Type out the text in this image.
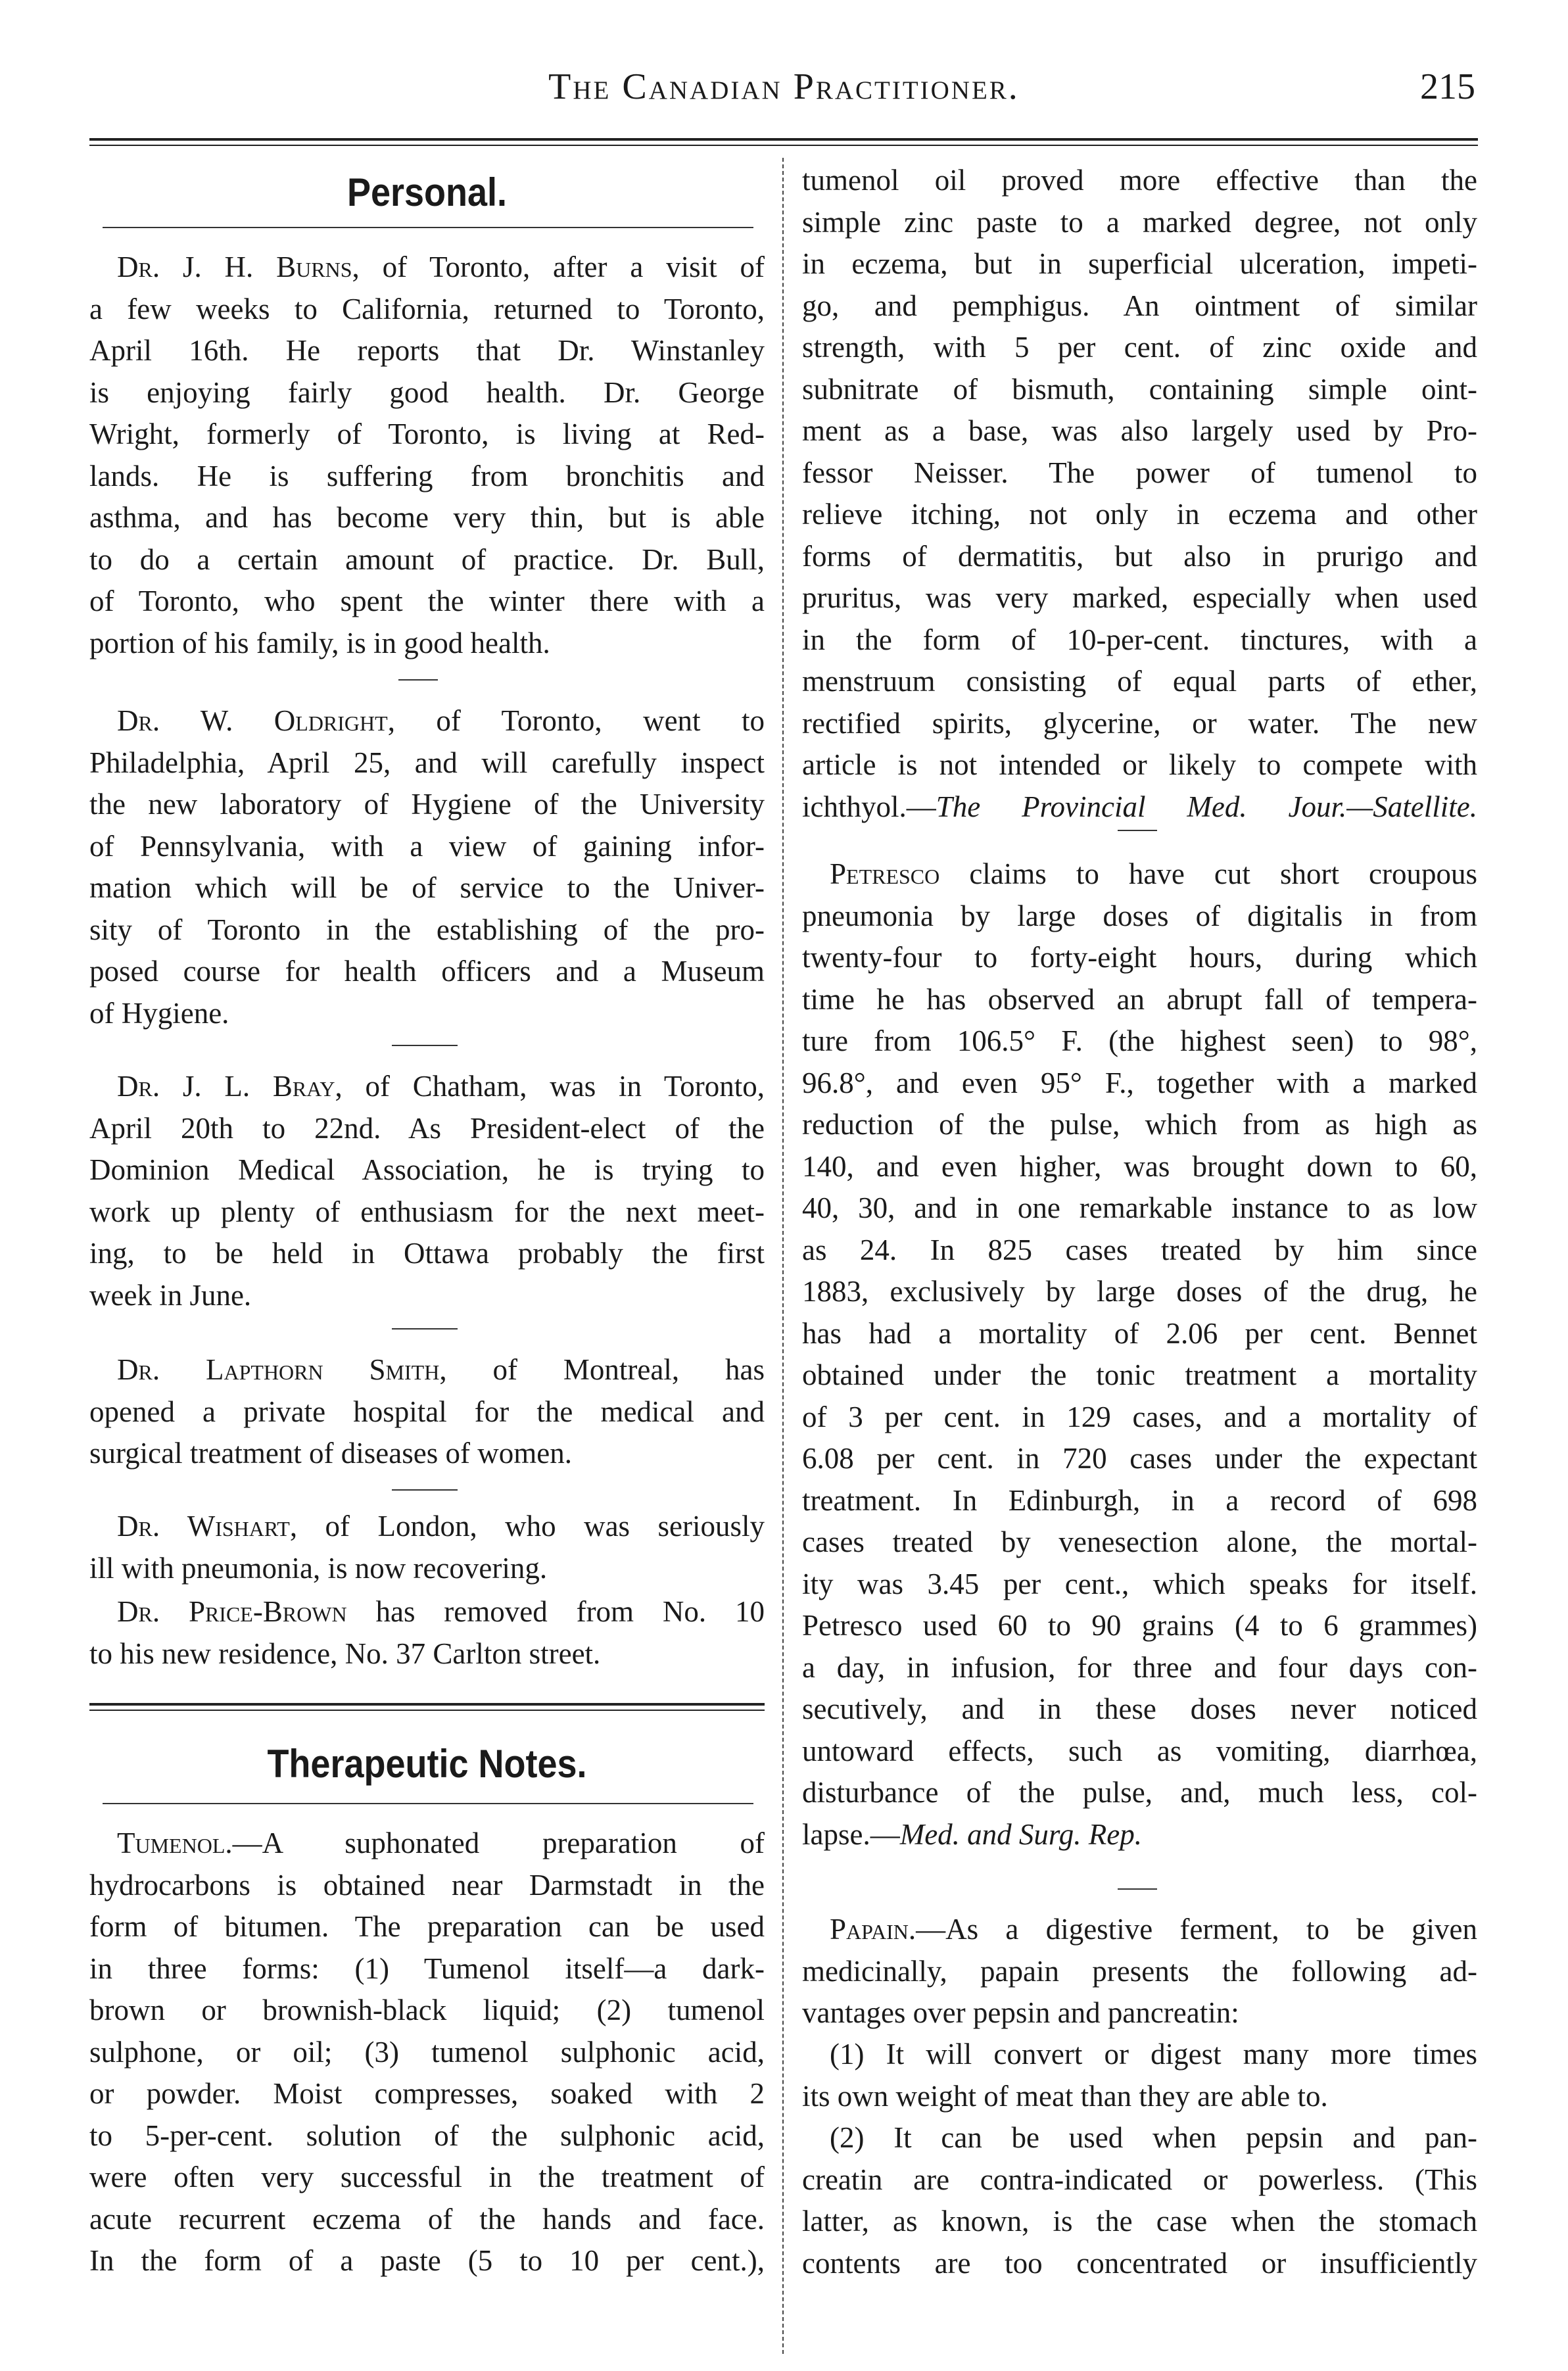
The Canadian Practitioner.	215
Personal.
Therapeutic Notes.
Dr. J. H. Burns, of Toronto, after a visit of
a few weeks to California, returned to Toronto,
April 16th. He reports that Dr. Winstanley
is enjoying fairly good health. Dr. George
Wright, formerly of Toronto, is living at Red-
lands. He is suffering from bronchitis and
asthma, and has become very thin, but is able
to do a certain amount of practice. Dr. Bull,
of Toronto, who spent the winter there with a
portion of his family, is in good health.
Dr. W. Oldright, of Toronto, went to
Philadelphia, April 25, and will carefully inspect
the new laboratory of Hygiene of the University
of Pennsylvania, with a view of gaining infor-
mation which will be of service to the Univer-
sity of Toronto in the establishing of the pro-
posed course for health officers and a Museum
of Hygiene.
Dr. J. L. Bray, of Chatham, was in Toronto,
April 20th to 22nd. As President-elect of the
Dominion Medical Association, he is trying to
work up plenty of enthusiasm for the next meet-
ing, to be held in Ottawa probably the first
week in June.
Dr. Lapthorn Smith, of Montreal, has
opened a private hospital for the medical and
surgical treatment of diseases of women.
Dr. Wishart, of London, who was seriously
ill with pneumonia, is now recovering.
Dr. Price-Brown has removed from No. 10
to his new residence, No. 37 Carlton street.
Tumenol.—A suphonated preparation of
hydrocarbons is obtained near Darmstadt in the
form of bitumen. The preparation can be used
in three forms: (1) Tumenol itself—a dark-
brown or brownish-black liquid; (2) tumenol
sulphone, or oil; (3) tumenol sulphonic acid,
or powder. Moist compresses, soaked with 2
to 5-per-cent. solution of the sulphonic acid,
were often very successful in the treatment of
acute recurrent eczema of the hands and face.
In the form of a paste (5 to 10 per cent.),
tumenol oil proved more effective than the
simple zinc paste to a marked degree, not only
in eczema, but in superficial ulceration, impeti-
go, and pemphigus. An ointment of similar
strength, with 5 per cent. of zinc oxide and
subnitrate of bismuth, containing simple oint-
ment as a base, was also largely used by Pro-
fessor Neisser. The power of tumenol to
relieve itching, not only in eczema and other
forms of dermatitis, but also in prurigo and
pruritus, was very marked, especially when used
in the form of 10-per-cent. tinctures, with a
menstruum consisting of equal parts of ether,
rectified spirits, glycerine, or water. The new
article is not intended or likely to compete with
ichthyol.—The Provincial Med. Jour.—Satellite.
Petresco claims to have cut short croupous
pneumonia by large doses of digitalis in from
twenty-four to forty-eight hours, during which
time he has observed an abrupt fall of tempera-
ture from 106.5° F. (the highest seen) to 98°,
96.8°, and even 95° F., together with a marked
reduction of the pulse, which from as high as
140, and even higher, was brought down to 60,
40, 30, and in one remarkable instance to as low
as 24. In 825 cases treated by him since
1883, exclusively by large doses of the drug, he
has had a mortality of 2.06 per cent. Bennet
obtained under the tonic treatment a mortality
of 3 per cent. in 129 cases, and a mortality of
6.08 per cent. in 720 cases under the expectant
treatment. In Edinburgh, in a record of 698
cases treated by venesection alone, the mortal-
ity was 3.45 per cent., which speaks for itself.
Petresco used 60 to 90 grains (4 to 6 grammes)
a day, in infusion, for three and four days con-
secutively, and in these doses never noticed
untoward effects, such as vomiting, diarrhœa,
disturbance of the pulse, and, much less, col-
lapse.—Med. and Surg. Rep.
Papain.—As a digestive ferment, to be given
medicinally, papain presents the following ad-
vantages over pepsin and pancreatin:
(1) It will convert or digest many more times
its own weight of meat than they are able to.
(2) It can be used when pepsin and pan-
creatin are contra-indicated or powerless. (This
latter, as known, is the case when the stomach
contents are too concentrated or insufficiently
